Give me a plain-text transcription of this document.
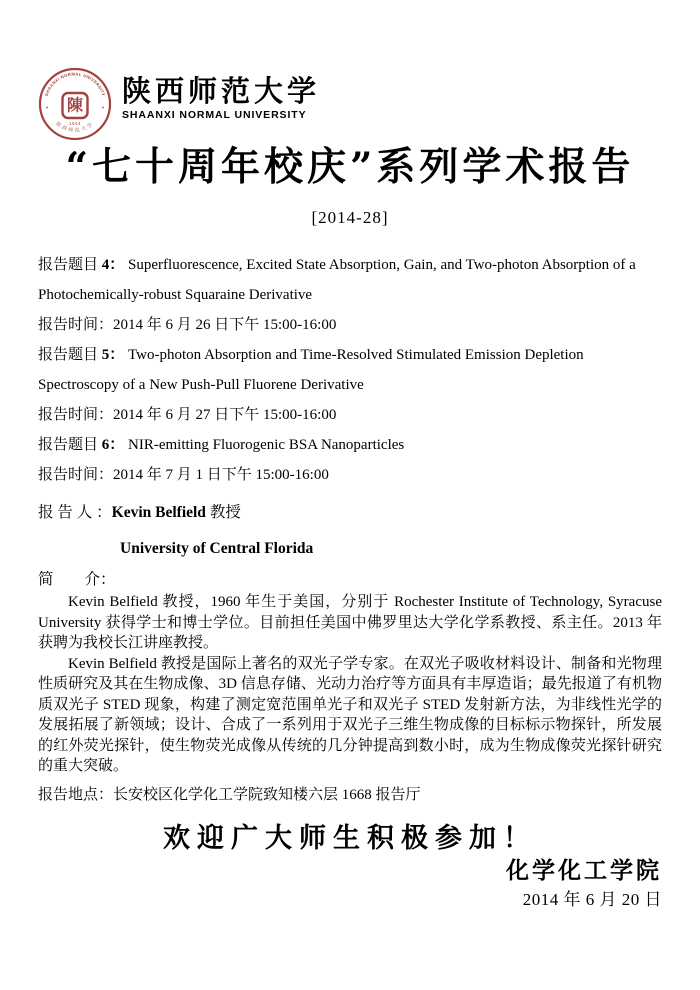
SHAANXI NORMAL UNIVERSITY
陳
1944
陕西师范大学
陕西师范大学
SHAANXI NORMAL UNIVERSITY
“七十周年校庆”系列学术报告
[2014-28]

报告题目 4： Superfluorescence, Excited State Absorption, Gain, and Two-photon Absorption of a Photochemically-robust Squaraine Derivative

报告时间：2014 年 6 月 26 日下午 15:00-16:00

报告题目 5： Two-photon Absorption and Time-Resolved Stimulated Emission Depletion Spectroscopy of a New Push-Pull Fluorene Derivative

报告时间：2014 年 6 月 27 日下午 15:00-16:00

报告题目 6： NIR-emitting Fluorogenic BSA Nanoparticles

报告时间：2014 年 7 月 1 日下午 15:00-16:00

报 告 人 ：Kevin Belfield 教授

University of Central Florida

简　　介：

Kevin Belfield 教授，1960 年生于美国，分别于 Rochester Institute of Technology, Syracuse University 获得学士和博士学位。目前担任美国中佛罗里达大学化学系教授、系主任。2013 年获聘为我校长江讲座教授。

Kevin Belfield 教授是国际上著名的双光子学专家。在双光子吸收材料设计、制备和光物理性质研究及其在生物成像、3D 信息存储、光动力治疗等方面具有丰厚造诣；最先报道了有机物质双光子 STED 现象，构建了测定宽范围单光子和双光子 STED 发射新方法，为非线性光学的发展拓展了新领域；设计、合成了一系列用于双光子三维生物成像的目标标示物探针，所发展的红外荧光探针，使生物荧光成像从传统的几分钟提高到数小时，成为生物成像荧光探针研究的重大突破。

报告地点：长安校区化学化工学院致知楼六层 1668 报告厅

欢迎广大师生积极参加！
化学化工学院
2014 年 6 月 20 日
